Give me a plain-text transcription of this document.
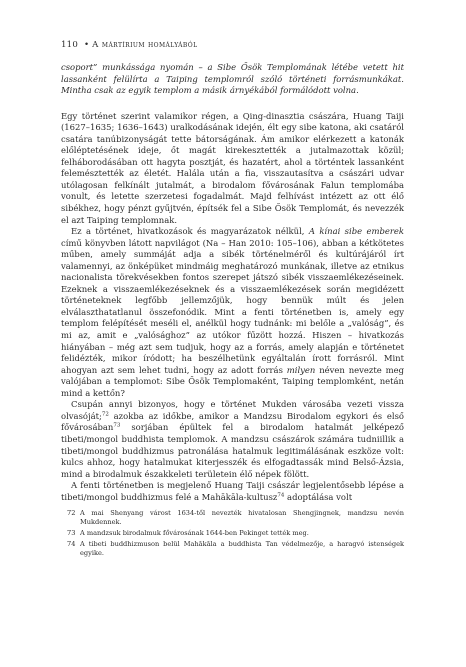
110 • A mártírium homályából

csoport” munkássága nyomán – a Sibe Ősök Templomának létébe vetett hit lassanként felülírta a Taiping templomról szóló történeti forrásmunkákat. Mintha csak az egyik templom a másik árnyékából formálódott volna.

Egy történet szerint valamikor régen, a Qing-dinasztia császára, Huang Taiji (1627–1635; 1636–1643) uralkodásának idején, élt egy sibe katona, aki csatáról csatára tanúbizonyságát tette bátorságának. Ám amikor elérkezett a katonák előléptetésének ideje, őt magát kirekesztették a jutalmazottak közül; felháborodásában ott hagyta posztját, és hazatért, ahol a történtek lassanként felemésztették az életét. Halála után a fia, visszautasítva a császári udvar utólagosan felkínált jutalmát, a birodalom fővárosának Falun templomába vonult, és letette szerzetesi fogadalmát. Majd felhívást intézett az ott élő sibékhez, hogy pénzt gyűjtvén, építsék fel a Sibe Ősök Templomát, és nevezzék el azt Taiping templomnak.

Ez a történet, hivatkozások és magyarázatok nélkül, A kínai sibe emberek című könyvben látott napvilágot (Na – Han 2010: 105–106), abban a kétkötetes műben, amely summáját adja a sibék történelméről és kultúrájáról írt valamennyi, az önképüket mindmáig meghatározó munkának, illetve az etnikus nacionalista törekvésekben fontos szerepet játszó sibék visszaemlékezéseinek. Ezeknek a visszaemlékezéseknek és a visszaemlékezések során megidézett történeteknek legfőbb jellemzőjük, hogy bennük múlt és jelen elválaszthatatlanul összefonódik. Mint a fenti történetben is, amely egy templom felépítését meséli el, anélkül hogy tudnánk: mi belőle a „valóság”, és mi az, amit e „valósághoz” az utókor fűzött hozzá. Hiszen – hivatkozás hiányában – még azt sem tudjuk, hogy az a forrás, amely alapján e történetet felidézték, mikor íródott; ha beszélhetünk egyáltalán írott forrásról. Mint ahogyan azt sem lehet tudni, hogy az adott forrás milyen néven nevezte meg valójában a templomot: Sibe Ősök Templomaként, Taiping templomként, netán mind a kettőn?

Csupán annyi bizonyos, hogy e történet Mukden városába vezeti vissza olvasóját;$^{72}$ azokba az időkbe, amikor a Mandzsu Birodalom egykori és első fővárosában$^{73}$ sorjában épültek fel a birodalom hatalmát jelképező tibeti/mongol buddhista templomok. A mandzsu császárok számára tudniillik a tibeti/mongol buddhizmus patronálása hatalmuk legitimálásának eszköze volt: kulcs ahhoz, hogy hatalmukat kiterjesszék és elfogadtassák mind Belső-Ázsia, mind a birodalmuk északkeleti területein élő népek fölött.

A fenti történetben is megjelenő Huang Taiji császár legjelentősebb lépése a tibeti/mongol buddhizmus felé a Mahākāla-kultusz$^{74}$ adoptálása volt

72 A mai Shenyang várost 1634-től nevezték hivatalosan Shengjingnek, mandzsu nevén Mukdennek.

73 A mandzsuk birodalmuk fővárosának 1644-ben Pekinget tették meg.

74 A tibeti buddhizmuson belül Mahākāla a buddhista Tan védelmezője, a haragvó istenségek egyike.
